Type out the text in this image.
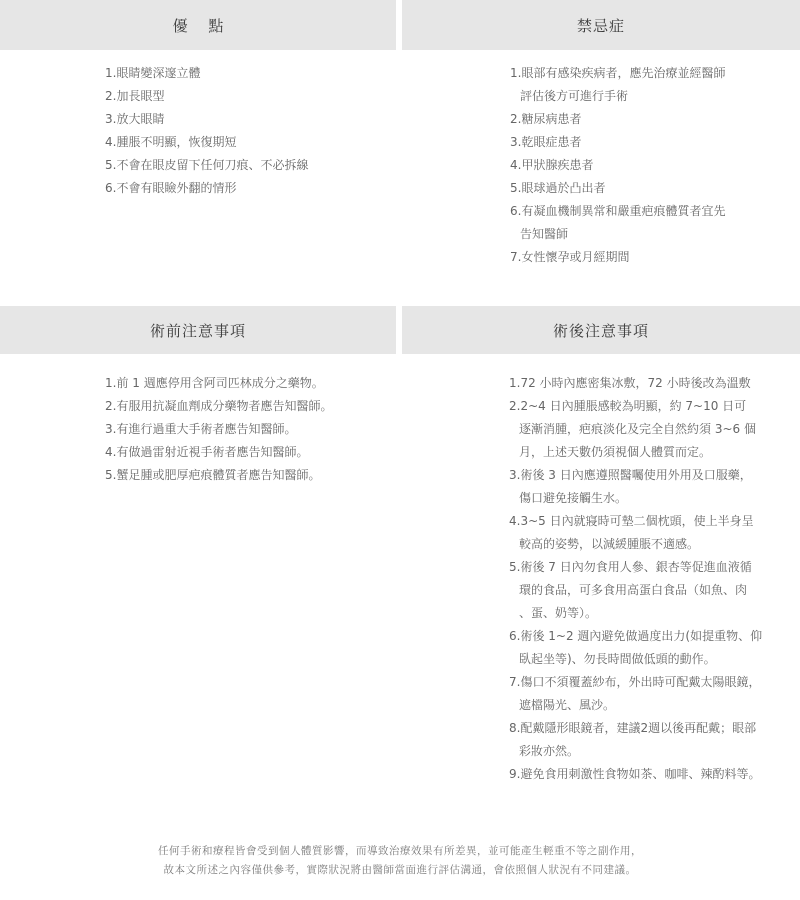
優 點	禁忌症
1.眼睛變深邃立體
2.加長眼型
3.放大眼睛
4.腫脹不明顯，恢復期短
5.不會在眼皮留下任何刀痕、不必拆線
6.不會有眼瞼外翻的情形
1.眼部有感染疾病者，應先治療並經醫師
評估後方可進行手術
2.糖尿病患者
3.乾眼症患者
4.甲狀腺疾患者
5.眼球過於凸出者
6.有凝血機制異常和嚴重疤痕體質者宜先
告知醫師
7.女性懷孕或月經期間
術前注意事項	術後注意事項
1.前 1 週應停用含阿司匹林成分之藥物。
2.有服用抗凝血劑成分藥物者應告知醫師。
3.有進行過重大手術者應告知醫師。
4.有做過雷射近視手術者應告知醫師。
5.蟹足腫或肥厚疤痕體質者應告知醫師。
1.72 小時內應密集冰敷，72 小時後改為溫敷
2.2~4 日內腫脹感較為明顯，約 7~10 日可
逐漸消腫，疤痕淡化及完全自然約須 3~6 個
月，上述天數仍須視個人體質而定。
3.術後 3 日內應遵照醫囑使用外用及口服藥，
傷口避免接觸生水。
4.3~5 日內就寢時可墊二個枕頭，使上半身呈
較高的姿勢，以減緩腫脹不適感。
5.術後 7 日內勿食用人參、銀杏等促進血液循
環的食品，可多食用高蛋白食品（如魚、肉
、蛋、奶等）。
6.術後 1~2 週內避免做過度出力(如提重物、仰
臥起坐等)、勿長時間做低頭的動作。
7.傷口不須覆蓋紗布，外出時可配戴太陽眼鏡，
遮檔陽光、風沙。
8.配戴隱形眼鏡者，建議2週以後再配戴；眼部
彩妝亦然。
9.避免食用刺激性食物如茶、咖啡、辣酌料等。
任何手術和療程皆會受到個人體質影響，而導致治療效果有所差異，並可能產生輕重不等之副作用，
故本文所述之內容僅供參考，實際狀況將由醫師當面進行評估溝通，會依照個人狀況有不同建議。
